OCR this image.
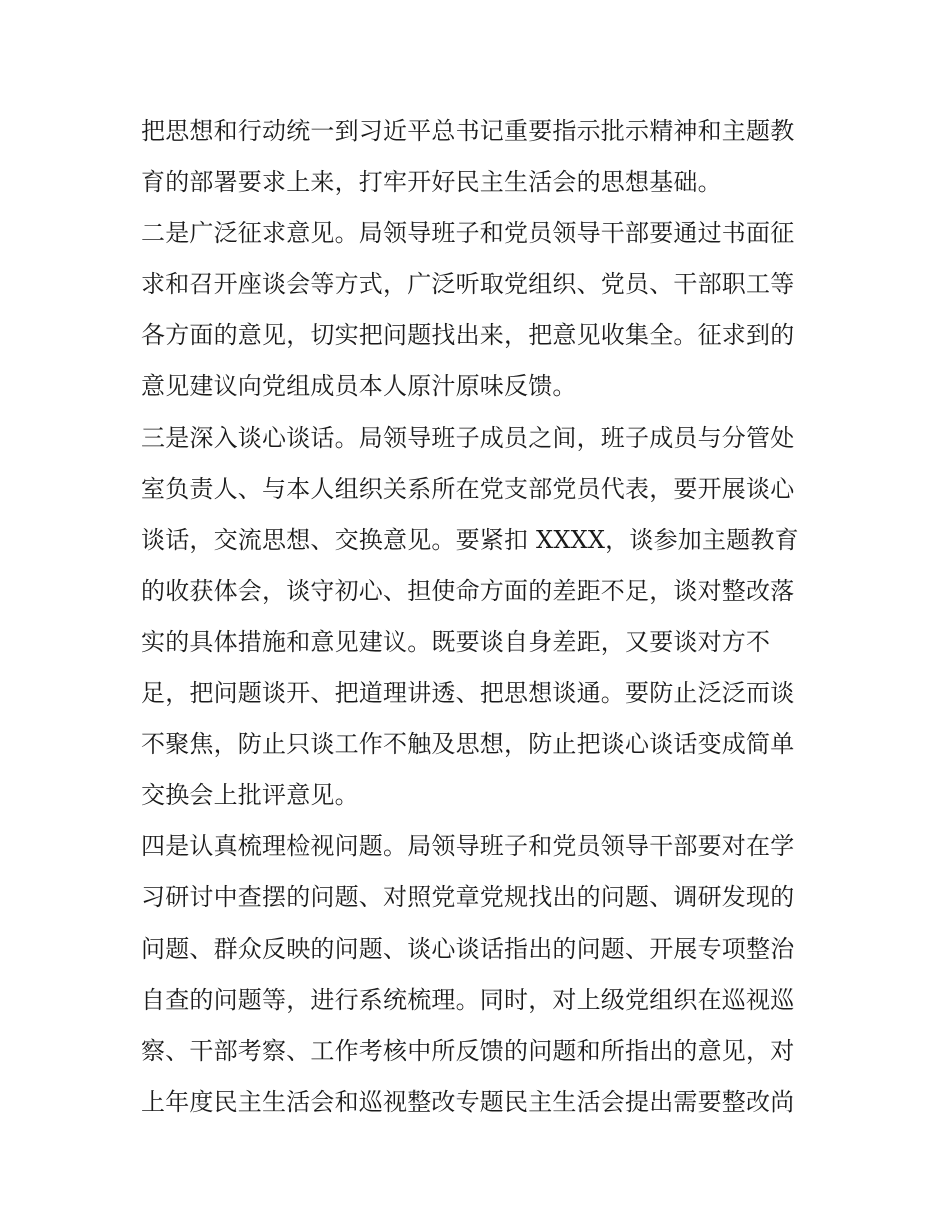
把思想和行动统一到习近平总书记重要指示批示精神和主题教
育的部署要求上来，打牢开好民主生活会的思想基础。
二是广泛征求意见。局领导班子和党员领导干部要通过书面征
求和召开座谈会等方式，广泛听取党组织、党员、干部职工等
各方面的意见，切实把问题找出来，把意见收集全。征求到的
意见建议向党组成员本人原汁原味反馈。
三是深入谈心谈话。局领导班子成员之间，班子成员与分管处
室负责人、与本人组织关系所在党支部党员代表，要开展谈心
谈话，交流思想、交换意见。要紧扣 XXXX，谈参加主题教育
的收获体会，谈守初心、担使命方面的差距不足，谈对整改落
实的具体措施和意见建议。既要谈自身差距，又要谈对方不
足，把问题谈开、把道理讲透、把思想谈通。要防止泛泛而谈
不聚焦，防止只谈工作不触及思想，防止把谈心谈话变成简单
交换会上批评意见。
四是认真梳理检视问题。局领导班子和党员领导干部要对在学
习研讨中查摆的问题、对照党章党规找出的问题、调研发现的
问题、群众反映的问题、谈心谈话指出的问题、开展专项整治
自查的问题等，进行系统梳理。同时，对上级党组织在巡视巡
察、干部考察、工作考核中所反馈的问题和所指出的意见，对
上年度民主生活会和巡视整改专题民主生活会提出需要整改尚
